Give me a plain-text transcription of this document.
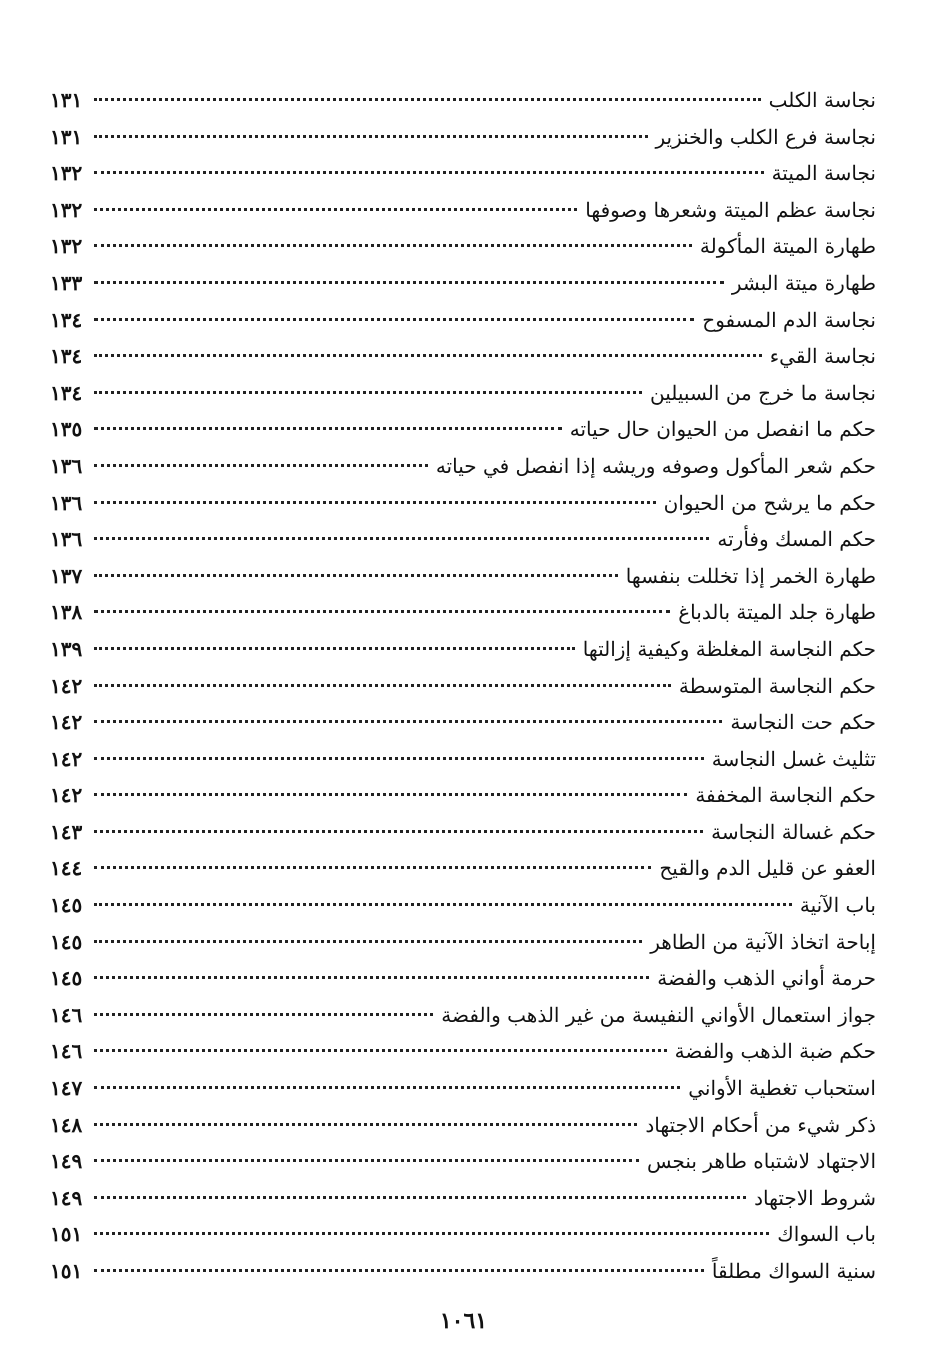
نجاسة الكلب
١٣١
نجاسة فرع الكلب والخنزير
١٣١
نجاسة الميتة
١٣٢
نجاسة عظم الميتة وشعرها وصوفها
١٣٢
طهارة الميتة المأكولة
١٣٢
طهارة ميتة البشر
١٣٣
نجاسة الدم المسفوح
١٣٤
نجاسة القيء
١٣٤
نجاسة ما خرج من السبيلين
١٣٤
حكم ما انفصل من الحيوان حال حياته
١٣٥
حكم شعر المأكول وصوفه وريشه إذا انفصل في حياته
١٣٦
حكم ما يرشح من الحيوان
١٣٦
حكم المسك وفأرته
١٣٦
طهارة الخمر إذا تخللت بنفسها
١٣٧
طهارة جلد الميتة بالدباغ
١٣٨
حكم النجاسة المغلظة وكيفية إزالتها
١٣٩
حكم النجاسة المتوسطة
١٤٢
حكم حت النجاسة
١٤٢
تثليث غسل النجاسة
١٤٢
حكم النجاسة المخففة
١٤٢
حكم غسالة النجاسة
١٤٣
العفو عن قليل الدم والقيح
١٤٤
باب الآنية
١٤٥
إباحة اتخاذ الآنية من الطاهر
١٤٥
حرمة أواني الذهب والفضة
١٤٥
جواز استعمال الأواني النفيسة من غير الذهب والفضة
١٤٦
حكم ضبة الذهب والفضة
١٤٦
استحباب تغطية الأواني
١٤٧
ذكر شيء من أحكام الاجتهاد
١٤٨
الاجتهاد لاشتباه طاهر بنجس
١٤٩
شروط الاجتهاد
١٤٩
باب السواك
١٥١
سنية السواك مطلقاً
١٥١
١٠٦١
